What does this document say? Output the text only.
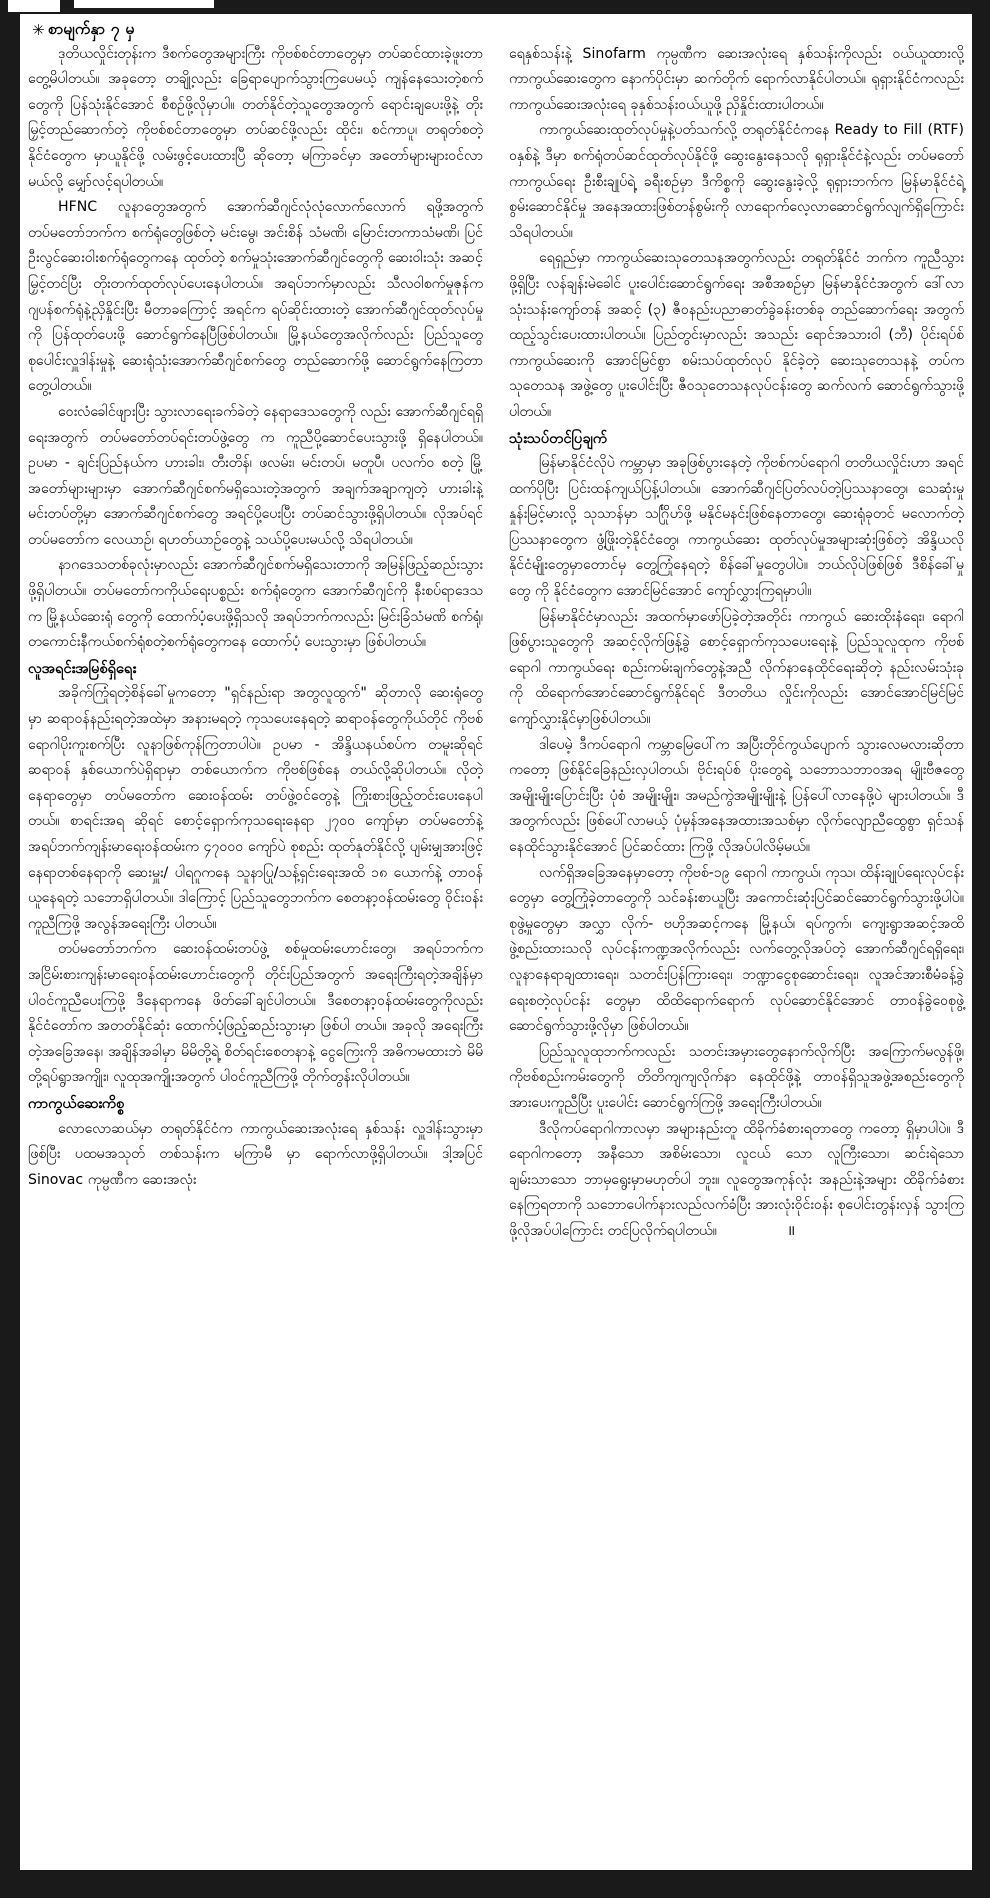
✳ စာမျက်နှာ ၇ မှ

ဒုတိယလှိုင်းတုန်းက ဒီစက်တွေအများကြီး ကိုဗစ်စင်တာတွေမှာ တပ်ဆင်ထားခဲ့ဖူးတာ တွေ့မိပါတယ်။ အခုတော့ တချို့လည်း ခြေရာပျောက်သွားကြပေမယ့် ကျန်နေသေးတဲ့စက်တွေကို ပြန်သုံးနိုင်အောင် စီစဉ်ဖို့လိုမှာပါ။ တတ်နိုင်တဲ့သူတွေအတွက် ရောင်းချပေးဖို့နဲ့ တိုးမြှင့်တည်ဆောက်တဲ့ ကိုဗစ်စင်တာတွေမှာ တပ်ဆင်ဖို့လည်း ထိုင်း၊ စင်ကာပူ၊ တရုတ်စတဲ့နိုင်ငံတွေက မှာယူနိုင်ဖို့ လမ်းဖွင့်ပေးထားပြီ ဆိုတော့ မကြာခင်မှာ အတော်များများဝင်လာမယ်လို့ မျှော်လင့်ရပါတယ်။

HFNC လူနာတွေအတွက် အောက်ဆီဂျင်လုံလုံလောက်လောက် ရဖို့အတွက် တပ်မတော်ဘက်က စက်ရုံတွေဖြစ်တဲ့ မင်းမွေ၊ အင်းစိန် သံမဏိ၊ မြောင်းတကာသံမဏိ၊ ပြင်ဦးလွင်ဆေးဝါးစက်ရုံတွေကနေ ထုတ်တဲ့ စက်မှုသုံးအောက်ဆီဂျင်တွေကို ဆေးဝါးသုံး အဆင့်မြှင့်တင်ပြီး တိုးတက်ထုတ်လုပ်ပေးနေပါတယ်။ အရပ်ဘက်မှာလည်း သီလဝါစက်မှုဇုန်က ဂျပန်စက်ရုံနဲ့ညှိနှိုင်းပြီး မီတာခကြောင့် အရင်က ရပ်ဆိုင်းထားတဲ့ အောက်ဆီဂျင်ထုတ်လုပ်မှုကို ပြန်ထုတ်ပေးဖို့ ဆောင်ရွက်နေပြီဖြစ်ပါတယ်။ မြို့နယ်တွေအလိုက်လည်း ပြည်သူတွေ စုပေါင်းလှူဒါန်းမှုနဲ့ ဆေးရုံသုံးအောက်ဆီဂျင်စက်တွေ တည်ဆောက်ဖို့ ဆောင်ရွက်နေကြတာ တွေ့ပါတယ်။

ဝေးလံခေါင်ဖျားပြီး သွားလာရေးခက်ခဲတဲ့ နေရာဒေသတွေကို လည်း အောက်ဆီဂျင်ရရှိရေးအတွက် တပ်မတော်တပ်ရင်းတပ်ဖွဲ့တွေ က ကူညီပို့ဆောင်ပေးသွားဖို့ ရှိနေပါတယ်။ ဥပမာ - ချင်းပြည်နယ်က ဟားခါး၊ တီးတိန်၊ ဖလမ်း၊ မင်းတပ်၊ မတူပီ၊ ပလက်ဝ စတဲ့ မြို့အတော်များများမှာ အောက်ဆီဂျင်စက်မရှိသေးတဲ့အတွက် အချက်အချာကျတဲ့ ဟားခါးနဲ့ မင်းတပ်တို့မှာ အောက်ဆီဂျင်စက်တွေ အရင်ပို့ပေးပြီး တပ်ဆင်သွားဖို့ရှိပါတယ်။ လိုအပ်ရင် တပ်မတော်က လေယာဉ်၊ ရဟတ်ယာဉ်တွေနဲ့ သယ်ပို့ပေးမယ်လို့ သိရပါတယ်။

နာဂဒေသတစ်ခုလုံးမှာလည်း အောက်ဆီဂျင်စက်မရှိသေးတာကို အမြန်ဖြည့်ဆည်းသွားဖို့ရှိပါတယ်။ တပ်မတော်ကကိုယ်ရေးပစ္စည်း စက်ရုံတွေက အောက်ဆီဂျင်ကို နီးစပ်ရာဒေသက မြို့နယ်ဆေးရုံ တွေကို ထောက်ပံ့ပေးဖို့ရှိသလို အရပ်ဘက်ကလည်း မြင်းခြံသံမဏိ စက်ရုံ၊ တကောင်းနီကယ်စက်ရုံစတဲ့စက်ရုံတွေကနေ ထောက်ပံ့ ပေးသွားမှာ ဖြစ်ပါတယ်။

လူအရင်းအမြစ်ရှိရေး

အခိုက်ကြုံရတဲ့စိန်ခေါ်မှုကတော့ "ရှင်နည်းရာ အတွလူထွက်" ဆိုတာလို ဆေးရုံတွေမှာ ဆရာဝန်နည်းရတဲ့အထဲမှာ အနားမရတဲ့ ကုသပေးနေရတဲ့ ဆရာဝန်တွေကိုယ်တိုင် ကိုဗစ်ရောဂါပိုးကူးစက်ပြီး လူနာဖြစ်ကုန်ကြတာပါပဲ။ ဥပမာ - အိန္ဒိယနယ်စပ်က တမူးဆိုရင် ဆရာဝန် နှစ်ယောက်ပဲရှိရာမှာ တစ်ယောက်က ကိုဗစ်ဖြစ်နေ တယ်လို့ဆိုပါတယ်။ လိုတဲ့နေရာတွေမှာ တပ်မတော်က ဆေးဝန်ထမ်း တပ်ဖွဲ့ဝင်တွေနဲ့ ကြိုးစားဖြည့်တင်းပေးနေပါတယ်။ စာရင်းအရ ဆိုရင် စောင့်ရှောက်ကုသရေးနေရာ ၂၇၀၀ ကျော်မှာ တပ်မတော်နဲ့ အရပ်ဘက်ကျန်းမာရေးဝန်ထမ်းက ၄၇၀၀၀ ကျော်ပဲ စုစည်း ထုတ်နုတ်နိုင်လို့ ပျမ်းမျှအားဖြင့် နေရာတစ်နေရာကို ဆေးမှူး/ ပါရဂူကနေ သူနာပြု/သန့်ရှင်းရေးအထိ ၁၈ ယောက်နဲ့ တာဝန် ယူနေရတဲ့ သဘောရှိပါတယ်။ ဒါကြောင့် ပြည်သူတွေဘက်က စေတနာ့ဝန်ထမ်းတွေ ဝိုင်းဝန်းကူညီကြဖို့ အလွန်အရေးကြီး ပါတယ်။

တပ်မတော်ဘက်က ဆေးဝန်ထမ်းတပ်ဖွဲ့ စစ်မှုထမ်းဟောင်းတွေ၊ အရပ်ဘက်က အငြိမ်းစားကျန်းမာရေးဝန်ထမ်းဟောင်းတွေကို တိုင်းပြည်အတွက် အရေးကြီးရတဲ့အချိန်မှာ ပါဝင်ကူညီပေးကြဖို့ ဒီနေရာကနေ ဖိတ်ခေါ်ချင်ပါတယ်။ ဒီစေတနာ့ဝန်ထမ်းတွေကိုလည်း နိုင်ငံတော်က အတတ်နိုင်ဆုံး ထောက်ပံ့ဖြည့်ဆည်းသွားမှာ ဖြစ်ပါ တယ်။ အခုလို အရေးကြီးတဲ့အခြေအနေ၊ အချိန်အခါမှာ မိမိတို့ရဲ့ စိတ်ရင်းစေတနာနဲ့ ငွေကြေးကို အဓိကမထားဘဲ မိမိတို့ရပ်ရွာအကျိုး၊ လူထုအကျိုးအတွက် ပါဝင်ကူညီကြဖို့ တိုက်တွန်းလိုပါတယ်။

ကာကွယ်ဆေးကိစ္စ

လောလောဆယ်မှာ တရုတ်နိုင်ငံက ကာကွယ်ဆေးအလုံးရေ နှစ်သန်း လှူဒါန်းသွားမှာဖြစ်ပြီး ပထမအသုတ် တစ်သန်းက မကြာမီ မှာ ရောက်လာဖို့ရှိပါတယ်။ ဒါ့အပြင် Sinovac ကုမ္ပဏီက ဆေးအလုံး

ရေနှစ်သန်းနဲ့ Sinofarm ကုမ္ပဏီက ဆေးအလုံးရေ နှစ်သန်းကိုလည်း ဝယ်ယူထားလို့ ကာကွယ်ဆေးတွေက နောက်ပိုင်းမှာ ဆက်တိုက် ရောက်လာနိုင်ပါတယ်။ ရုရှားနိုင်ငံကလည်း ကာကွယ်ဆေးအလုံးရေ ခုနှစ်သန်းဝယ်ယူဖို့ ညှိနှိုင်းထားပါတယ်။

ကာကွယ်ဆေးထုတ်လုပ်မှုနဲ့ပတ်သက်လို့ တရုတ်နိုင်ငံကနေ Ready to Fill (RTF) ဝနှစ်နဲ့ ဒီမှာ စက်ရုံတပ်ဆင်ထုတ်လုပ်နိုင်ဖို့ ဆွေးနွေးနေသလို ရုရှားနိုင်ငံနဲ့လည်း တပ်မတော်ကာကွယ်ရေး ဦးစီးချုပ်ရဲ့ ခရီးစဉ်မှာ ဒီကိစ္စကို ဆွေးနွေးခဲ့လို့ ရုရှားဘက်က မြန်မာနိုင်ငံရဲ့ စွမ်းဆောင်နိုင်မှု အနေအထားဖြစ်တန်စွမ်းကို လာရောက်လေ့လာဆောင်ရွက်လျက်ရှိကြောင်း သိရပါတယ်။

ရေရှည်မှာ ကာကွယ်ဆေးသုတေသနအတွက်လည်း တရုတ်နိုင်ငံ ဘက်က ကူညီသွားဖို့ရှိပြီး လန်ချန်းမဲခေါင် ပူးပေါင်းဆောင်ရွက်ရေး အစီအစဉ်မှာ မြန်မာနိုင်ငံအတွက် ဒေါ်လာ သုံးသန်းကျော်တန် အဆင့် (၃) ဇီဝနည်းပညာဓာတ်ခွဲခန်းတစ်ခု တည်ဆောက်ရေး အတွက် ထည့်သွင်းပေးထားပါတယ်။ ပြည်တွင်းမှာလည်း အသည်း ရောင်အသားဝါ (ဘီ) ပိုင်းရပ်စ်ကာကွယ်ဆေးကို အောင်မြင်စွာ စမ်းသပ်ထုတ်လုပ် နိုင်ခဲ့တဲ့ ဆေးသုတေသနနဲ့ တပ်က သုတေသန အဖွဲ့တွေ ပူးပေါင်းပြီး ဇီဝသုတေသနလုပ်ငန်းတွေ ဆက်လက် ဆောင်ရွက်သွားဖို့ပါတယ်။

သုံးသပ်တင်ပြချက်

မြန်မာနိုင်ငံလိုပဲ ကမ္ဘာမှာ အခုဖြစ်ပွားနေတဲ့ ကိုဗစ်ကပ်ရောဂါ တတိယလှိုင်းဟာ အရင်ထက်ပိုပြီး ပြင်းထန်ကျယ်ပြန့်ပါတယ်။ အောက်ဆီဂျင်ပြတ်လပ်တဲ့ပြဿနာတွေ၊ သေဆုံးမှုနှုန်းမြင့်မားလို့ သုသာန်မှာ သင်္ဂြိုဟ်ဖို့ မနိုင်မနင်းဖြစ်နေတာတွေ၊ ဆေးရုံခုတင် မလောက်တဲ့ ပြဿနာတွေက ဖွံ့ဖြိုးတဲ့နိုင်ငံတွေ၊ ကာကွယ်ဆေး ထုတ်လုပ်မှုအများဆုံးဖြစ်တဲ့ အိန္ဒိယလိုနိုင်ငံမျိုးတွေမှာတောင်မှ တွေ့ကြုံနေရတဲ့ စိန်ခေါ်မှုတွေပါပဲ။ ဘယ်လိုပဲဖြစ်ဖြစ် ဒီစိန်ခေါ်မှုတွေ ကို နိုင်ငံတွေက အောင်မြင်အောင် ကျော်လွှားကြရမှာပါ။

မြန်မာနိုင်ငံမှာလည်း အထက်မှာဖော်ပြခဲ့တဲ့အတိုင်း ကာကွယ် ဆေးထိုးနံရေး၊ ရောဂါဖြစ်ပွားသူတွေကို အဆင့်လိုက်ဖြန့်ခွဲ စောင့်ရှောက်ကုသပေးရေးနဲ့ ပြည်သူလူထုက ကိုဗစ်ရောဂါ ကာကွယ်ရေး စည်းကမ်းချက်တွေနဲ့အညီ လိုက်နာနေထိုင်ရေးဆိုတဲ့ နည်းလမ်းသုံးခုကို ထိရောက်အောင်ဆောင်ရွက်နိုင်ရင် ဒီတတိယ လှိုင်းကိုလည်း အောင်အောင်မြင်မြင် ကျော်လွှားနိုင်မှာဖြစ်ပါတယ်။

ဒါပေမဲ့ ဒီကပ်ရောဂါ ကမ္ဘာမြေပေါ်က အပြီးတိုင်ကွယ်ပျောက် သွားလေမလားဆိုတာကတော့ ဖြစ်နိုင်ခြေနည်းလှပါတယ်၊ ဗိုင်းရပ်စ် ပိုးတွေရဲ့ သဘောသဘာဝအရ မျိုးဗီဇတွေ အမျိုးမျိုးပြောင်းပြီး ပုံစံ အမျိုးမျိုး၊ အမည်ကွဲအမျိုးမျိုးနဲ့ ပြန်ပေါ်လာနေဖို့ပဲ များပါတယ်။ ဒီအတွက်လည်း ဖြစ်ပေါ်လာမယ့် ပုံမှန်အနေအထားအသစ်မှာ လိုက်လျောညီထွေစွာ ရှင်သန်နေထိုင်သွားနိုင်အောင် ပြင်ဆင်ထား ကြဖို့ လိုအပ်ပါလိမ့်မယ်။

လက်ရှိအခြေအနေမှာတော့ ကိုဗစ်-၁၉ ရောဂါ ကာကွယ်၊ ကုသ၊ ထိန်းချုပ်ရေးလုပ်ငန်းတွေမှာ တွေ့ကြုံခဲ့တာတွေကို သင်ခန်းစာယူပြီး အကောင်းဆုံးပြင်ဆင်ဆောင်ရွက်သွားဖို့ပါပဲ။ စုဖွဲ့မှုတွေမှာ အလွှာ လိုက်- ဗဟိုအဆင့်ကနေ မြို့နယ်၊ ရပ်ကွက်၊ ကျေးရွာအဆင့်အထိ ဖွဲ့စည်းထားသလို လုပ်ငန်းကဏ္ဍအလိုက်လည်း လက်တွေ့လိုအပ်တဲ့ အောက်ဆီဂျင်ရရှိရေး၊ လူနာနေရာချထားရေး၊ သတင်းပြန်ကြားရေး၊ ဘဏ္ဍာငွေစုဆောင်းရေး၊ လူအင်အားစီမံခန့်ခွဲရေးစတဲ့လုပ်ငန်း တွေမှာ ထိထိရောက်ရောက် လုပ်ဆောင်နိုင်အောင် တာဝန်ခွဲဝေစုဖွဲ့ ဆောင်ရွက်သွားဖို့လိုမှာ ဖြစ်ပါတယ်။

ပြည်သူလူထုဘက်ကလည်း သတင်းအမှားတွေနောက်လိုက်ပြီး အကြောက်မလွန်ဖို့၊ ကိုဗစ်စည်းကမ်းတွေကို တိတိကျကျလိုက်နာ နေထိုင်ဖို့နဲ့ တာဝန်ရှိသူအဖွဲ့အစည်းတွေကို အားပေးကူညီပြီး ပူးပေါင်း ဆောင်ရွက်ကြဖို့ အရေးကြီးပါတယ်။

ဒီလိုကပ်ရောဂါကာလမှာ အများနည်းတူ ထိခိုက်ခံစားရတာတွေ ကတော့ ရှိမှာပါပဲ။ ဒီရောဂါကတော့ အနီသော အစိမ်းသော၊ လူငယ် သော လူကြီးသော၊ ဆင်းရဲသော ချမ်းသာသော ဘာမှရွေးမှာမဟုတ်ပါ ဘူး။ လူတွေအကုန်လုံး အနည်းနဲ့အများ ထိခိုက်ခံစားနေကြရတာကို သဘောပေါက်နားလည်လက်ခံပြီး အားလုံးဝိုင်းဝန်း စုပေါင်းတွန်းလှန် သွားကြဖို့လိုအပ်ပါကြောင်း တင်ပြလိုက်ရပါတယ်။	॥
